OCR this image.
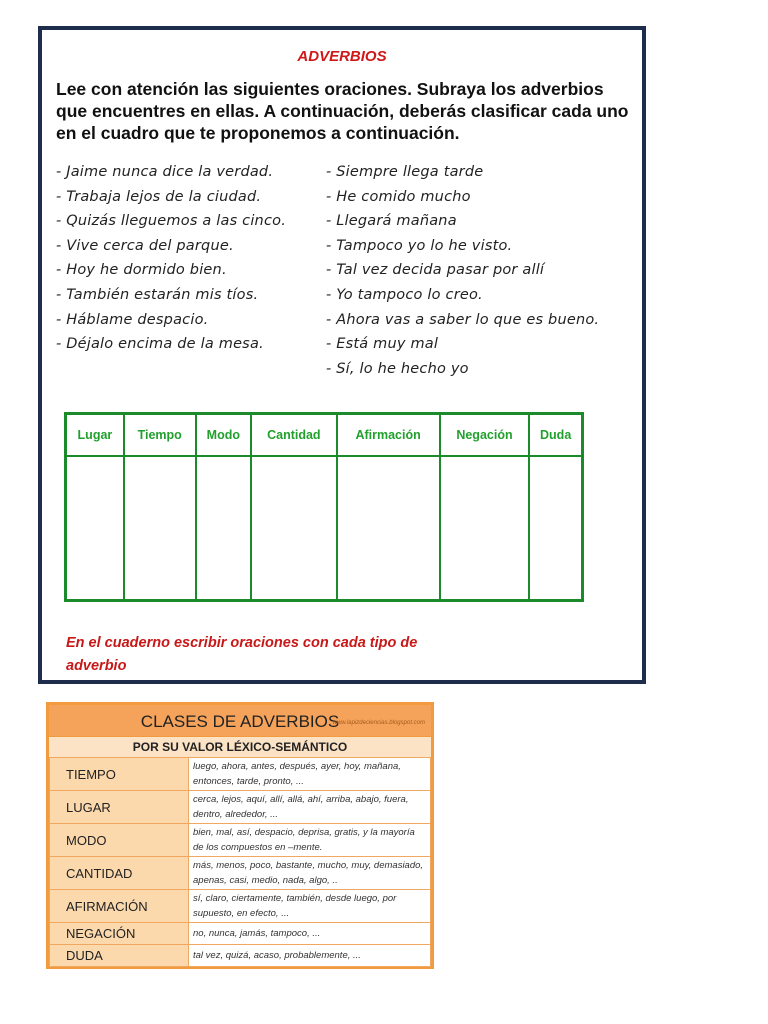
ADVERBIOS
Lee con atención las siguientes oraciones. Subraya los adverbios que encuentres en ellas. A continuación, deberás clasificar cada uno en el cuadro que te proponemos a continuación.
- Jaime nunca dice la verdad.
- Trabaja lejos de la ciudad.
- Quizás lleguemos a las cinco.
- Vive cerca del parque.
- Hoy he dormido bien.
- También estarán mis tíos.
- Háblame despacio.
- Déjalo encima de la mesa.
- Siempre llega tarde
- He comido mucho
- Llegará mañana
- Tampoco yo lo he visto.
- Tal vez decida pasar por allí
- Yo tampoco lo creo.
- Ahora vas a saber lo que es bueno.
- Está muy mal
- Sí, lo he hecho yo
Lugar	Tiempo	Modo	Cantidad	Afirmación	Negación	Duda

En el cuaderno escribir oraciones con cada tipo de adverbio
CLASES DE ADVERBIOS
www.lapizdeciencias.blogspot.com
POR SU VALOR LÉXICO-SEMÁNTICO
TIEMPO	luego, ahora, antes, después, ayer, hoy, mañana, entonces, tarde, pronto, ...
LUGAR	cerca, lejos, aquí, allí, allá, ahí, arriba, abajo, fuera, dentro, alrededor, ...
MODO	bien, mal, así, despacio, deprisa, gratis, y la mayoría de los compuestos en –mente.
CANTIDAD	más, menos, poco, bastante, mucho, muy, demasiado, apenas, casi, medio, nada, algo, ..
AFIRMACIÓN	sí, claro, ciertamente, también, desde luego, por supuesto, en efecto, ...
NEGACIÓN	no, nunca, jamás, tampoco, ...
DUDA	tal vez, quizá, acaso, probablemente, ...
